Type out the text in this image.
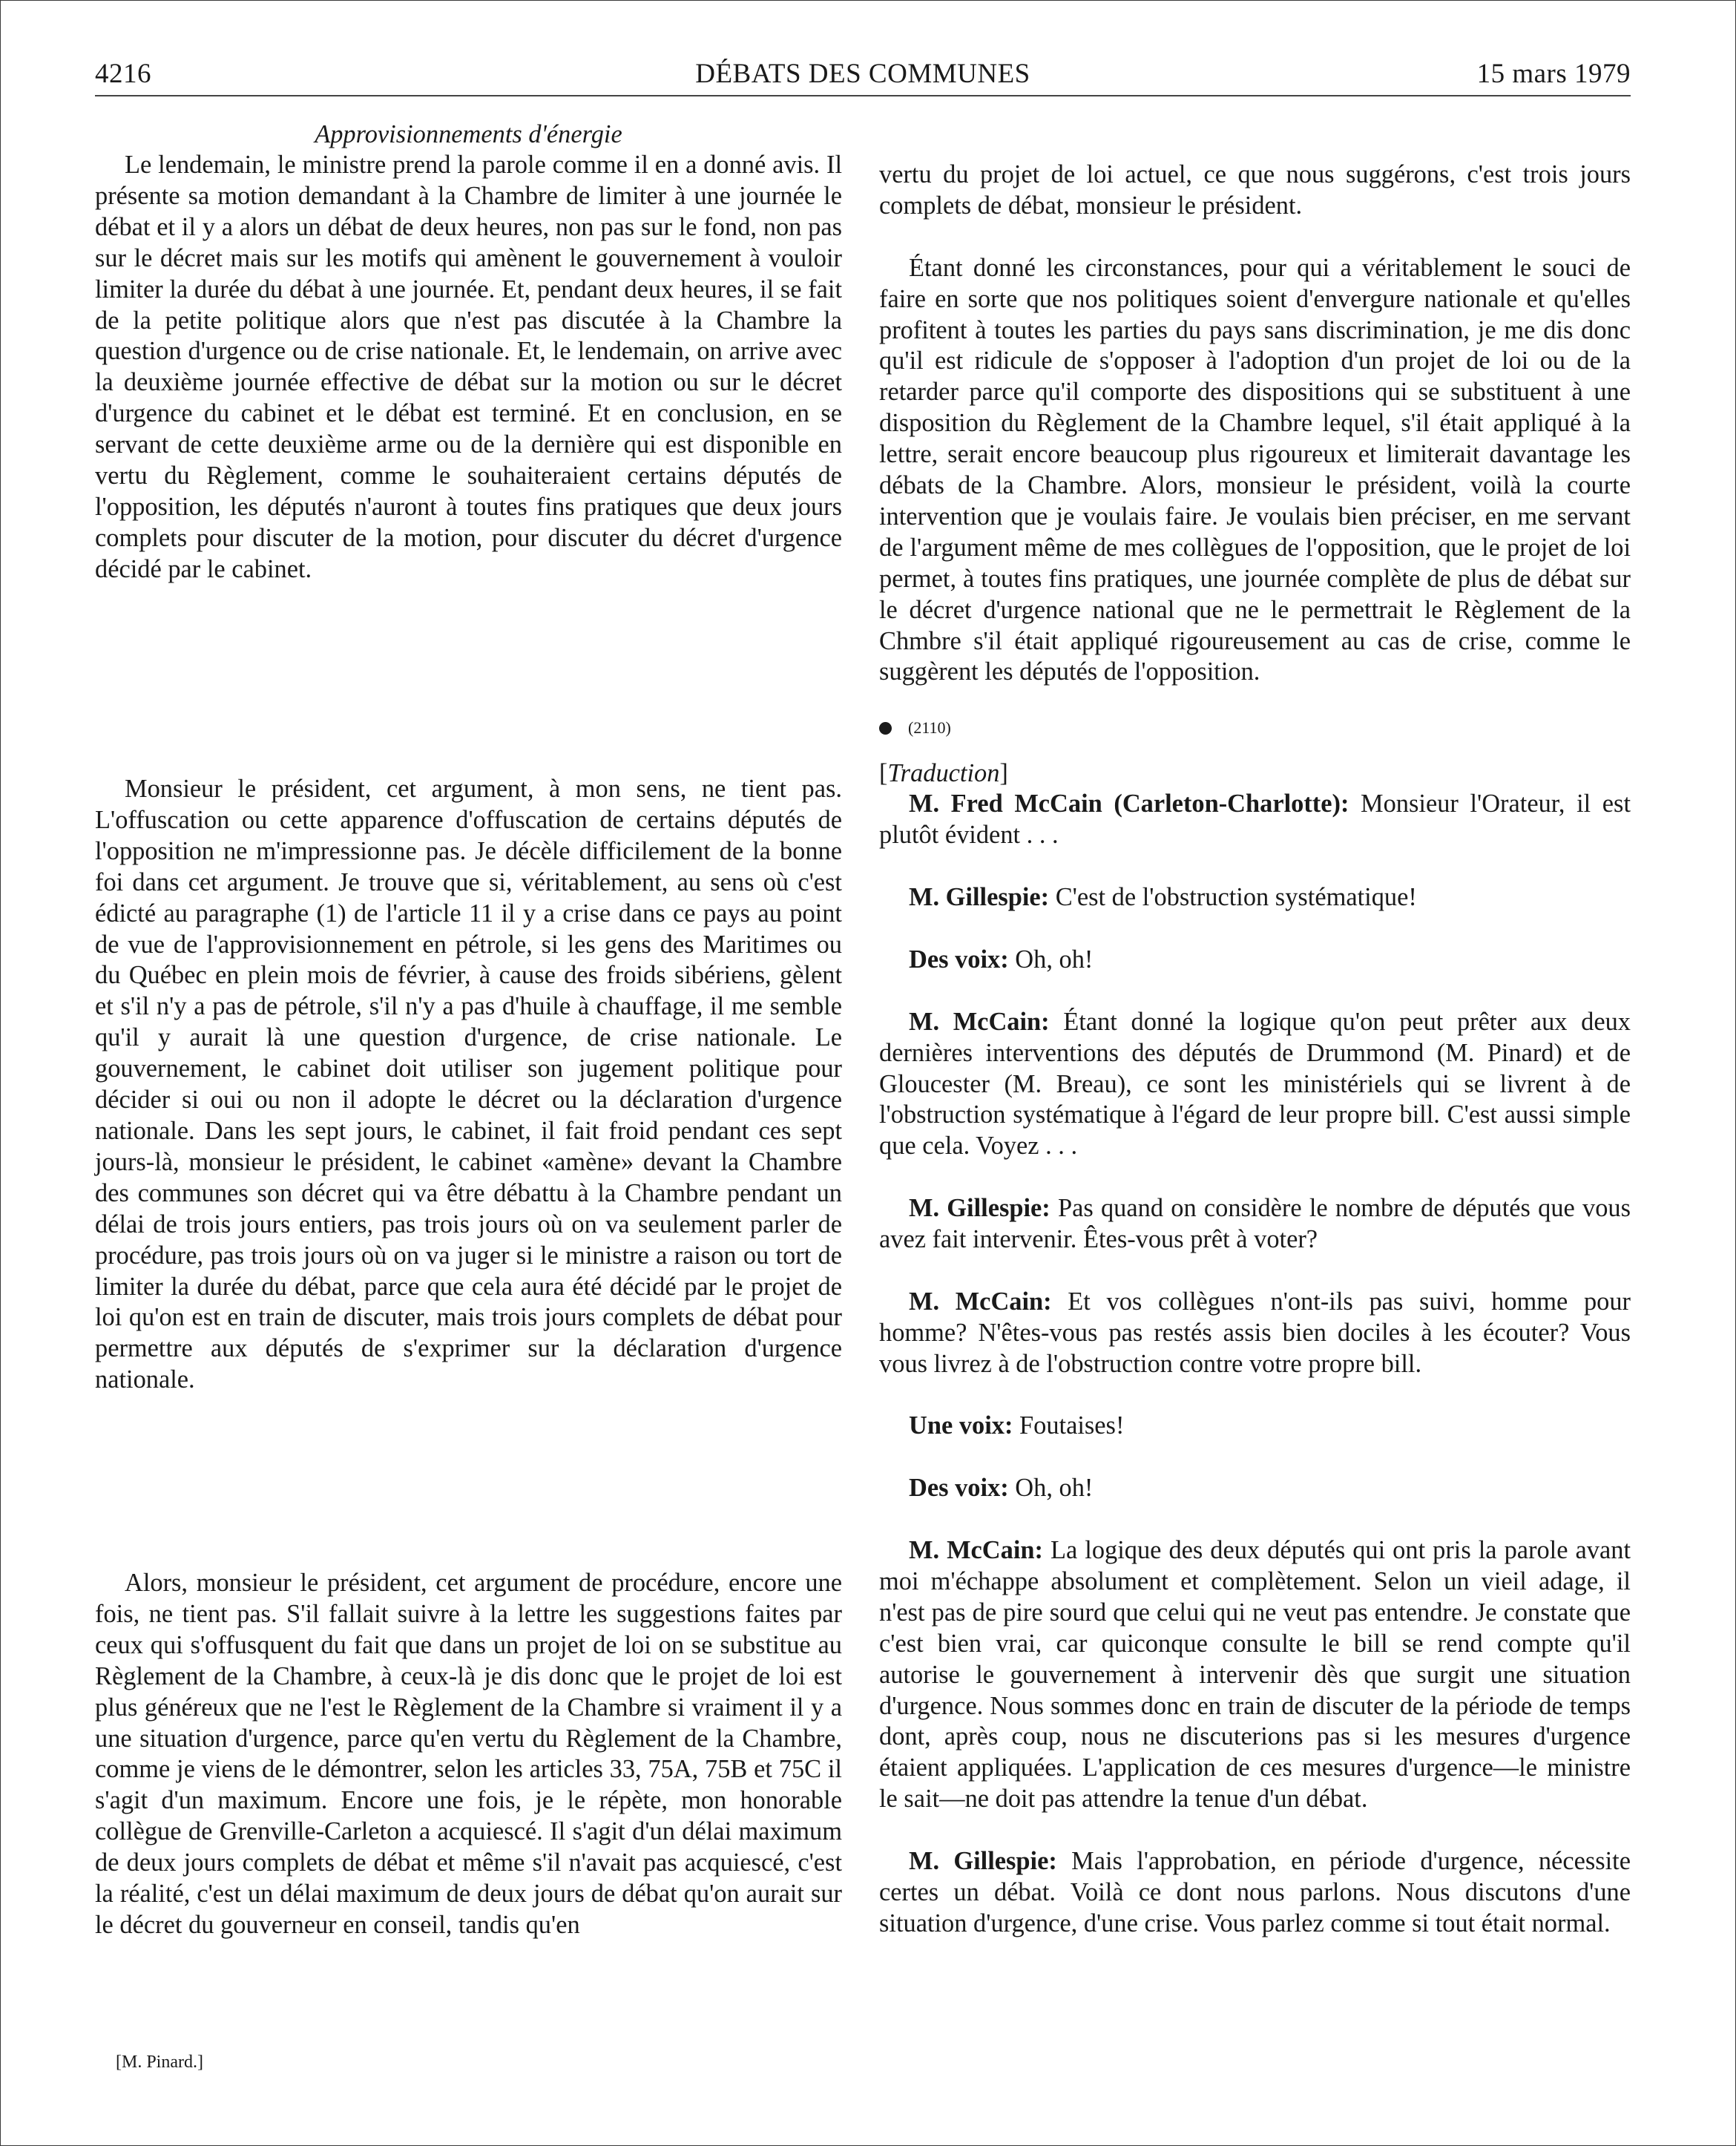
4216	DÉBATS DES COMMUNES	15 mars 1979
Approvisionnements d'énergie

Le lendemain, le ministre prend la parole comme il en a donné avis. Il présente sa motion demandant à la Chambre de limiter à une journée le débat et il y a alors un débat de deux heures, non pas sur le fond, non pas sur le décret mais sur les motifs qui amènent le gouvernement à vouloir limiter la durée du débat à une journée. Et, pendant deux heures, il se fait de la petite politique alors que n'est pas discutée à la Chambre la question d'urgence ou de crise nationale. Et, le lendemain, on arrive avec la deuxième journée effective de débat sur la motion ou sur le décret d'urgence du cabinet et le débat est terminé. Et en conclusion, en se servant de cette deuxième arme ou de la dernière qui est disponible en vertu du Règlement, comme le souhaiteraient certains députés de l'opposition, les députés n'auront à toutes fins pratiques que deux jours complets pour discuter de la motion, pour discuter du décret d'urgence décidé par le cabinet.

Monsieur le président, cet argument, à mon sens, ne tient pas. L'offuscation ou cette apparence d'offuscation de certains députés de l'opposition ne m'impressionne pas. Je décèle difficilement de la bonne foi dans cet argument. Je trouve que si, véritablement, au sens où c'est édicté au paragraphe (1) de l'article 11 il y a crise dans ce pays au point de vue de l'approvisionnement en pétrole, si les gens des Maritimes ou du Québec en plein mois de février, à cause des froids sibériens, gèlent et s'il n'y a pas de pétrole, s'il n'y a pas d'huile à chauffage, il me semble qu'il y aurait là une question d'urgence, de crise nationale. Le gouvernement, le cabinet doit utiliser son jugement politique pour décider si oui ou non il adopte le décret ou la déclaration d'urgence nationale. Dans les sept jours, le cabinet, il fait froid pendant ces sept jours-là, monsieur le président, le cabinet «amène» devant la Chambre des communes son décret qui va être débattu à la Chambre pendant un délai de trois jours entiers, pas trois jours où on va seulement parler de procédure, pas trois jours où on va juger si le ministre a raison ou tort de limiter la durée du débat, parce que cela aura été décidé par le projet de loi qu'on est en train de discuter, mais trois jours complets de débat pour permettre aux députés de s'exprimer sur la déclaration d'urgence nationale.

Alors, monsieur le président, cet argument de procédure, encore une fois, ne tient pas. S'il fallait suivre à la lettre les suggestions faites par ceux qui s'offusquent du fait que dans un projet de loi on se substitue au Règlement de la Chambre, à ceux-là je dis donc que le projet de loi est plus généreux que ne l'est le Règlement de la Chambre si vraiment il y a une situation d'urgence, parce qu'en vertu du Règlement de la Chambre, comme je viens de le démontrer, selon les articles 33, 75A, 75B et 75C il s'agit d'un maximum. Encore une fois, je le répète, mon honorable collègue de Grenville-Carleton a acquiescé. Il s'agit d'un délai maximum de deux jours complets de débat et même s'il n'avait pas acquiescé, c'est la réalité, c'est un délai maximum de deux jours de débat qu'on aurait sur le décret du gouverneur en conseil, tandis qu'en

[M. Pinard.]

vertu du projet de loi actuel, ce que nous suggérons, c'est trois jours complets de débat, monsieur le président.

Étant donné les circonstances, pour qui a véritablement le souci de faire en sorte que nos politiques soient d'envergure nationale et qu'elles profitent à toutes les parties du pays sans discrimination, je me dis donc qu'il est ridicule de s'opposer à l'adoption d'un projet de loi ou de la retarder parce qu'il comporte des dispositions qui se substituent à une disposition du Règlement de la Chambre lequel, s'il était appliqué à la lettre, serait encore beaucoup plus rigoureux et limiterait davantage les débats de la Chambre. Alors, monsieur le président, voilà la courte intervention que je voulais faire. Je voulais bien préciser, en me servant de l'argument même de mes collègues de l'opposition, que le projet de loi permet, à toutes fins pratiques, une journée complète de plus de débat sur le décret d'urgence national que ne le permettrait le Règlement de la Chmbre s'il était appliqué rigoureusement au cas de crise, comme le suggèrent les députés de l'opposition.

(2110)

[Traduction]

M. Fred McCain (Carleton-Charlotte): Monsieur l'Orateur, il est plutôt évident . . .

M. Gillespie: C'est de l'obstruction systématique!

Des voix: Oh, oh!

M. McCain: Étant donné la logique qu'on peut prêter aux deux dernières interventions des députés de Drummond (M. Pinard) et de Gloucester (M. Breau), ce sont les ministériels qui se livrent à de l'obstruction systématique à l'égard de leur propre bill. C'est aussi simple que cela. Voyez . . .

M. Gillespie: Pas quand on considère le nombre de députés que vous avez fait intervenir. Êtes-vous prêt à voter?

M. McCain: Et vos collègues n'ont-ils pas suivi, homme pour homme? N'êtes-vous pas restés assis bien dociles à les écouter? Vous vous livrez à de l'obstruction contre votre propre bill.

Une voix: Foutaises!

Des voix: Oh, oh!

M. McCain: La logique des deux députés qui ont pris la parole avant moi m'échappe absolument et complètement. Selon un vieil adage, il n'est pas de pire sourd que celui qui ne veut pas entendre. Je constate que c'est bien vrai, car quiconque consulte le bill se rend compte qu'il autorise le gouvernement à intervenir dès que surgit une situation d'urgence. Nous sommes donc en train de discuter de la période de temps dont, après coup, nous ne discuterions pas si les mesures d'urgence étaient appliquées. L'application de ces mesures d'urgence—le ministre le sait—ne doit pas attendre la tenue d'un débat.

M. Gillespie: Mais l'approbation, en période d'urgence, nécessite certes un débat. Voilà ce dont nous parlons. Nous discutons d'une situation d'urgence, d'une crise. Vous parlez comme si tout était normal.
